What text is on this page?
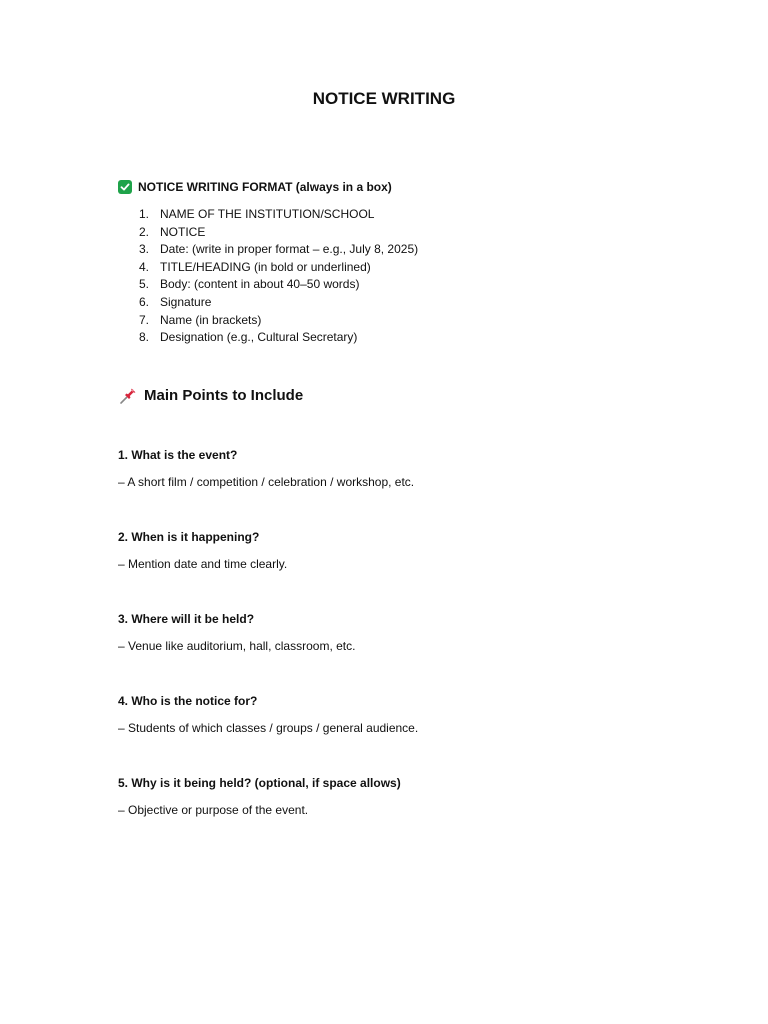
NOTICE WRITING
NOTICE WRITING FORMAT (always in a box)
1. NAME OF THE INSTITUTION/SCHOOL
2. NOTICE
3. Date: (write in proper format – e.g., July 8, 2025)
4. TITLE/HEADING (in bold or underlined)
5. Body: (content in about 40–50 words)
6. Signature
7. Name (in brackets)
8. Designation (e.g., Cultural Secretary)
Main Points to Include
1. What is the event?
– A short film / competition / celebration / workshop, etc.
2. When is it happening?
– Mention date and time clearly.
3. Where will it be held?
– Venue like auditorium, hall, classroom, etc.
4. Who is the notice for?
– Students of which classes / groups / general audience.
5. Why is it being held? (optional, if space allows)
– Objective or purpose of the event.
